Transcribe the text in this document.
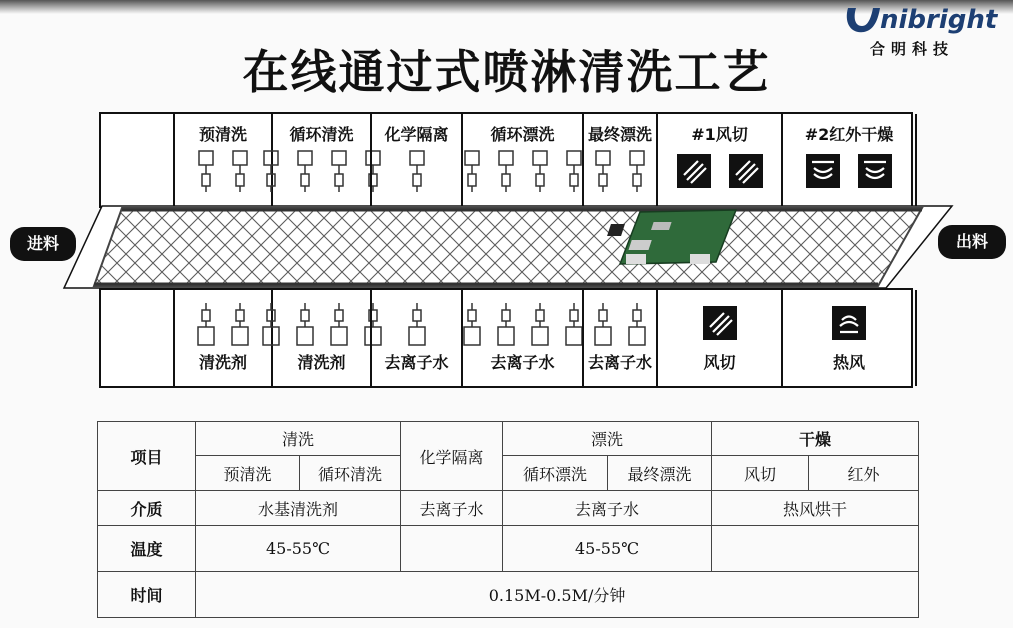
nibright
合明科技
在线通过式喷淋清洗工艺
预清洗	循环清洗	化学隔离	循环漂洗	最终漂洗	#1风切	#2红外干燥
清洗剂	清洗剂	去离子水	去离子水	去离子水	风切	热风
进料	出料
项目	清洗		化学隔离	漂洗		干燥	
	预清洗	循环清洗		循环漂洗	最终漂洗	风切	红外
介质	水基清洗剂		去离子水	去离子水		热风烘干	
温度	45-55℃			45-55℃			
时间	0.15M-0.5M/分钟						
